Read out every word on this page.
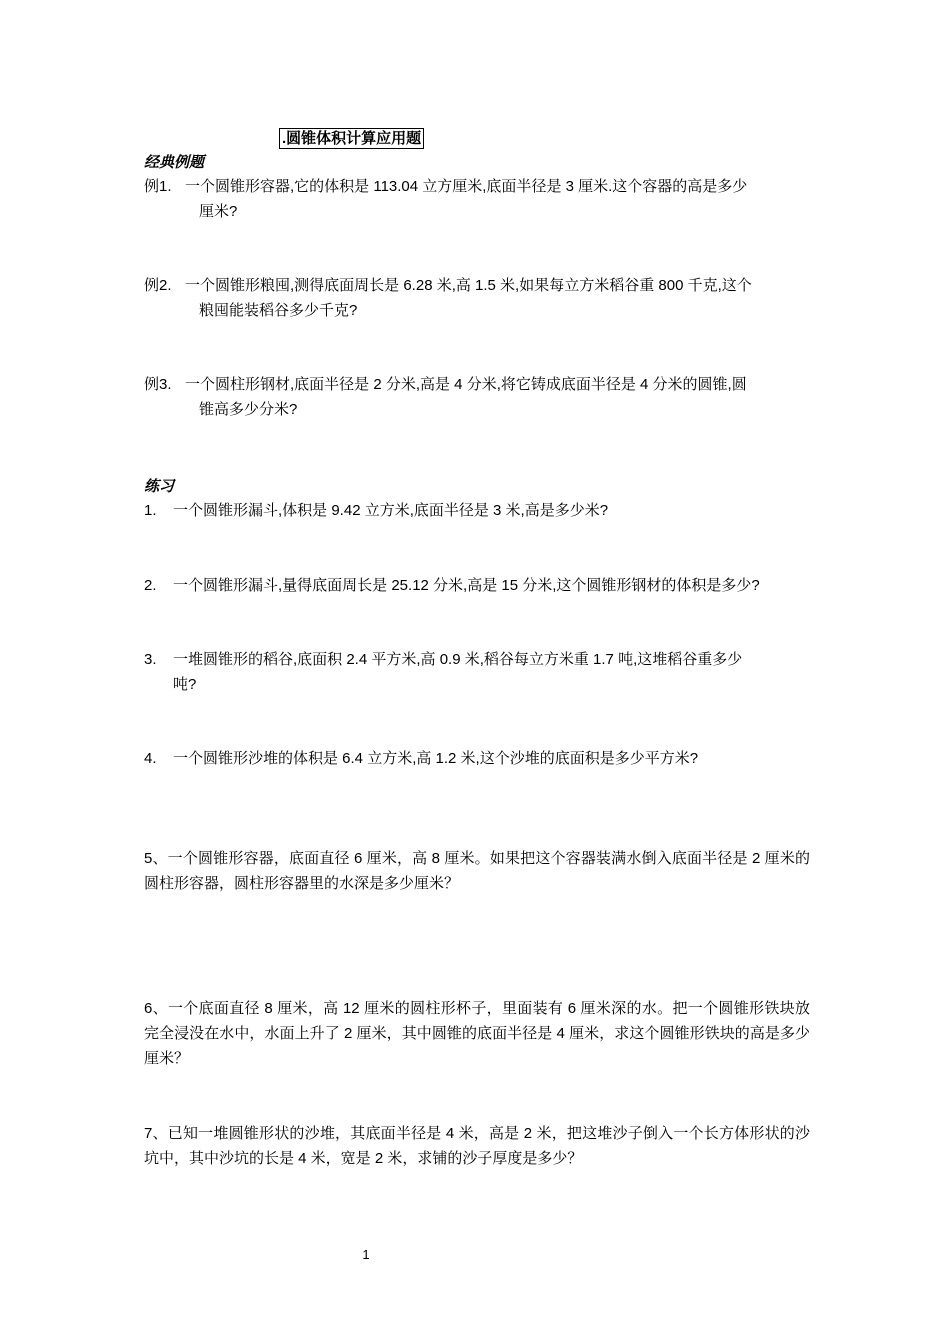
.圆锥体积计算应用题
经典例题
例1. 一个圆锥形容器,它的体积是 113.04 立方厘米,底面半径是 3 厘米.这个容器的高是多少
厘米?
例2. 一个圆锥形粮囤,测得底面周长是 6.28 米,高 1.5 米,如果每立方米稻谷重 800 千克,这个
粮囤能装稻谷多少千克?
例3. 一个圆柱形钢材,底面半径是 2 分米,高是 4 分米,将它铸成底面半径是 4 分米的圆锥,圆
锥高多少分米?
练习
1.	一个圆锥形漏斗,体积是 9.42 立方米,底面半径是 3 米,高是多少米?
2.	一个圆锥形漏斗,量得底面周长是 25.12 分米,高是 15 分米,这个圆锥形钢材的体积是多少?
3.	一堆圆锥形的稻谷,底面积 2.4 平方米,高 0.9 米,稻谷每立方米重 1.7 吨,这堆稻谷重多少
吨?
4.	一个圆锥形沙堆的体积是 6.4 立方米,高 1.2 米,这个沙堆的底面积是多少平方米?
5、一个圆锥形容器，底面直径 6 厘米，高 8 厘米。如果把这个容器装满水倒入底面半径是 2 厘米的圆柱形容器，圆柱形容器里的水深是多少厘米？
6、一个底面直径 8 厘米，高 12 厘米的圆柱形杯子，里面装有 6 厘米深的水。把一个圆锥形铁块放完全浸没在水中，水面上升了 2 厘米，其中圆锥的底面半径是 4 厘米，求这个圆锥形铁块的高是多少厘米？
7、已知一堆圆锥形状的沙堆，其底面半径是 4 米，高是 2 米，把这堆沙子倒入一个长方体形状的沙坑中，其中沙坑的长是 4 米，宽是 2 米，求铺的沙子厚度是多少？
1
